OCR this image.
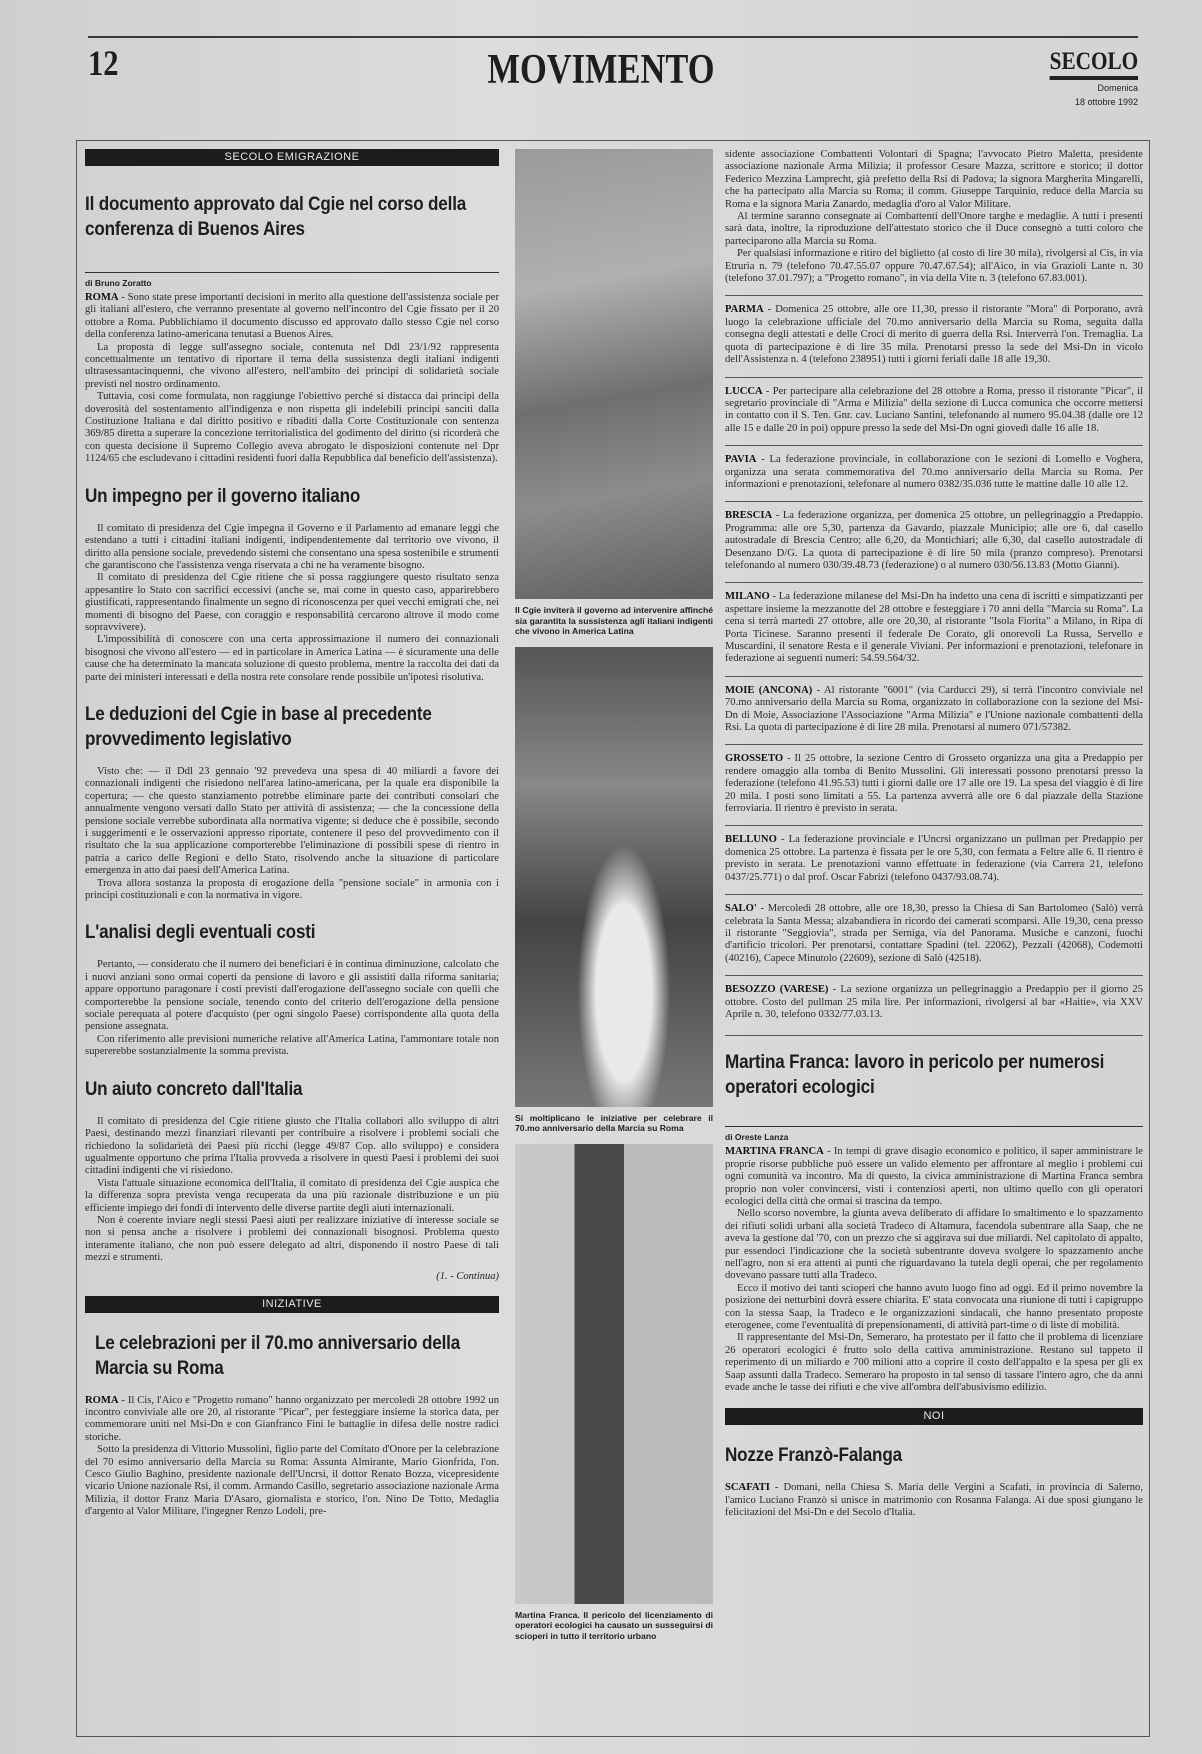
12	MOVIMENTO	SECOLO
Domenica
18 ottobre 1992
SECOLO EMIGRAZIONE
Il documento approvato dal Cgie nel corso della conferenza di Buenos Aires
di Bruno Zoratto

ROMA - Sono state prese importanti decisioni in merito alla questione dell'assistenza sociale per gli italiani all'estero, che verranno presentate al governo nell'incontro del Cgie fissato per il 20 ottobre a Roma. Pubblichiamo il documento discusso ed approvato dallo stesso Cgie nel corso della conferenza latino-americana tenutasi a Buenos Aires.

La proposta di legge sull'assegno sociale, contenuta nel Ddl 23/1/92 rappresenta concettualmente un tentativo di riportare il tema della sussistenza degli italiani indigenti ultrasessantacinquenni, che vivono all'estero, nell'ambito dei principi di solidarietà sociale previsti nel nostro ordinamento.

Tuttavia, così come formulata, non raggiunge l'obiettivo perché si distacca dai principi della doverosità del sostentamento all'indigenza e non rispetta gli indelebili principi sanciti dalla Costituzione Italiana e dal diritto positivo e ribaditi dalla Corte Costituzionale con sentenza 369/85 diretta a superare la concezione territorialistica del godimento del diritto (si ricorderà che con questa decisione il Supremo Collegio aveva abrogato le disposizioni contenute nel Dpr 1124/65 che escludevano i cittadini residenti fuori dalla Repubblica dal beneficio dell'assistenza).

Un impegno per il governo italiano

Il comitato di presidenza del Cgie impegna il Governo e il Parlamento ad emanare leggi che estendano a tutti i cittadini italiani indigenti, indipendentemente dal territorio ove vivono, il diritto alla pensione sociale, prevedendo sistemi che consentano una spesa sostenibile e strumenti che garantiscono che l'assistenza venga riservata a chi ne ha veramente bisogno.

Il comitato di presidenza del Cgie ritiene che si possa raggiungere questo risultato senza appesantire lo Stato con sacrifici eccessivi (anche se, mai come in questo caso, apparirebbero giustificati, rappresentando finalmente un segno di riconoscenza per quei vecchi emigrati che, nei momenti di bisogno del Paese, con coraggio e responsabilità cercarono altrove il modo come sopravvivere).

L'impossibilità di conoscere con una certa approssimazione il numero dei connazionali bisognosi che vivono all'estero — ed in particolare in America Latina — è sicuramente una delle cause che ha determinato la mancata soluzione di questo problema, mentre la raccolta dei dati da parte dei ministeri interessati e della nostra rete consolare rende possibile un'ipotesi risolutiva.

Le deduzioni del Cgie in base al precedente provvedimento legislativo

Visto che: — il Ddl 23 gennaio '92 prevedeva una spesa di 40 miliardi a favore dei connazionali indigenti che risiedono nell'area latino-americana, per la quale era disponibile la copertura; — che questo stanziamento potrebbe eliminare parte dei contributi consolari che annualmente vengono versati dallo Stato per attività di assistenza; — che la concessione della pensione sociale verrebbe subordinata alla normativa vigente; si deduce che è possibile, secondo i suggerimenti e le osservazioni appresso riportate, contenere il peso del provvedimento con il risultato che la sua applicazione comporterebbe l'eliminazione di possibili spese di rientro in patria a carico delle Regioni e dello Stato, risolvendo anche la situazione di particolare emergenza in atto dai paesi dell'America Latina.

Trova allora sostanza la proposta di erogazione della "pensione sociale" in armonia con i principi costituzionali e con la normativa in vigore.

L'analisi degli eventuali costi

Pertanto, — considerato che il numero dei beneficiari è in continua diminuzione, calcolato che i nuovi anziani sono ormai coperti da pensione di lavoro e gli assistiti dalla riforma sanitaria; appare opportuno paragonare i costi previsti dall'erogazione dell'assegno sociale con quelli che comporterebbe la pensione sociale, tenendo conto del criterio dell'erogazione della pensione sociale perequata al potere d'acquisto (per ogni singolo Paese) corrispondente alla quota della pensione assegnata.

Con riferimento alle previsioni numeriche relative all'America Latina, l'ammontare totale non supererebbe sostanzialmente la somma prevista.

Un aiuto concreto dall'Italia

Il comitato di presidenza del Cgie ritiene giusto che l'Italia collabori allo sviluppo di altri Paesi, destinando mezzi finanziari rilevanti per contribuire a risolvere i problemi sociali che richiedono la solidarietà dei Paesi più ricchi (legge 49/87 Cop. allo sviluppo) e considera ugualmente opportuno che prima l'Italia provveda a risolvere in questi Paesi i problemi dei suoi cittadini indigenti che vi risiedono.

Vista l'attuale situazione economica dell'Italia, il comitato di presidenza del Cgie auspica che la differenza sopra prevista venga recuperata da una più razionale distribuzione e un più efficiente impiego dei fondi di intervento delle diverse partite degli aiuti internazionali.

Non è coerente inviare negli stessi Paesi aiuti per realizzare iniziative di interesse sociale se non si pensa anche a risolvere i problemi dei connazionali bisognosi. Problema questo interamente italiano, che non può essere delegato ad altri, disponendo il nostro Paese di tali mezzi e strumenti.

(1. - Continua)
INIZIATIVE
Le celebrazioni per il 70.mo anniversario della Marcia su Roma

ROMA - Il Cis, l'Aico e "Progetto romano" hanno organizzato per mercoledì 28 ottobre 1992 un incontro conviviale alle ore 20, al ristorante "Picar", per festeggiare insieme la storica data, per commemorare uniti nel Msi-Dn e con Gianfranco Fini le battaglie in difesa delle nostre radici storiche.

Sotto la presidenza di Vittorio Mussolini, figlio parte del Comitato d'Onore per la celebrazione del 70 esimo anniversario della Marcia su Roma: Assunta Almirante, Mario Gionfrida, l'on. Cesco Giulio Baghino, presidente nazionale dell'Uncrsi, il dottor Renato Bozza, vicepresidente vicario Unione nazionale Rsi, il comm. Armando Casillo, segretario associazione nazionale Arma Milizia, il dottor Franz Maria D'Asaro, giornalista e storico, l'on. Nino De Totto, Medaglia d'argento al Valor Militare, l'ingegner Renzo Lodoli, pre-

Il Cgie inviterà il governo ad intervenire affinché sia garantita la sussistenza agli italiani indigenti che vivono in America Latina
Si moltiplicano le iniziative per celebrare il 70.mo anniversario della Marcia su Roma
Martina Franca. Il pericolo del licenziamento di operatori ecologici ha causato un susseguirsi di scioperi in tutto il territorio urbano

sidente associazione Combattenti Volontari di Spagna; l'avvocato Pietro Maletta, presidente associazione nazionale Arma Milizia; il professor Cesare Mazza, scrittore e storico; il dottor Federico Mezzina Lamprecht, già prefetto della Rsi di Padova; la signora Margherita Mingarelli, che ha partecipato alla Marcia su Roma; il comm. Giuseppe Tarquinio, reduce della Marcia su Roma e la signora Maria Zanardo, medaglia d'oro al Valor Militare.

Al termine saranno consegnate ai Combattenti dell'Onore targhe e medaglie. A tutti i presenti sarà data, inoltre, la riproduzione dell'attestato storico che il Duce consegnò a tutti coloro che parteciparono alla Marcia su Roma.

Per qualsiasi informazione e ritiro del biglietto (al costo di lire 30 mila), rivolgersi al Cis, in via Etruria n. 79 (telefono 70.47.55.07 oppure 70.47.67.54); all'Aico, in via Grazioli Lante n. 30 (telefono 37.01.797); a "Progetto romano", in via della Vite n. 3 (telefono 67.83.001).

PARMA - Domenica 25 ottobre, alle ore 11,30, presso il ristorante "Mora" di Porporano, avrà luogo la celebrazione ufficiale del 70.mo anniversario della Marcia su Roma, seguita dalla consegna degli attestati e delle Croci di merito di guerra della Rsi. Interverrà l'on. Tremaglia. La quota di partecipazione è di lire 35 mila. Prenotarsi presso la sede del Msi-Dn in vicolo dell'Assistenza n. 4 (telefono 238951) tutti i giorni feriali dalle 18 alle 19,30.

LUCCA - Per partecipare alla celebrazione del 28 ottobre a Roma, presso il ristorante "Picar", il segretario provinciale di "Arma e Milizia" della sezione di Lucca comunica che occorre mettersi in contatto con il S. Ten. Gnr. cav. Luciano Santini, telefonando al numero 95.04.38 (dalle ore 12 alle 15 e dalle 20 in poi) oppure presso la sede del Msi-Dn ogni giovedì dalle 16 alle 18.

PAVIA - La federazione provinciale, in collaborazione con le sezioni di Lomello e Voghera, organizza una serata commemorativa del 70.mo anniversario della Marcia su Roma. Per informazioni e prenotazioni, telefonare al numero 0382/35.036 tutte le mattine dalle 10 alle 12.

BRESCIA - La federazione organizza, per domenica 25 ottobre, un pellegrinaggio a Predappio. Programma: alle ore 5,30, partenza da Gavardo, piazzale Municipio; alle ore 6, dal casello autostradale di Brescia Centro; alle 6,20, da Montichiari; alle 6,30, dal casello autostradale di Desenzano D/G. La quota di partecipazione è di lire 50 mila (pranzo compreso). Prenotarsi telefonando al numero 030/39.48.73 (federazione) o al numero 030/56.13.83 (Motto Gianni).

MILANO - La federazione milanese del Msi-Dn ha indetto una cena di iscritti e simpatizzanti per aspettare insieme la mezzanotte del 28 ottobre e festeggiare i 70 anni della "Marcia su Roma". La cena si terrà martedì 27 ottobre, alle ore 20,30, al ristorante "Isola Fiorita" a Milano, in Ripa di Porta Ticinese. Saranno presenti il federale De Corato, gli onorevoli La Russa, Servello e Muscardini, il senatore Resta e il generale Viviani. Per informazioni e prenotazioni, telefonare in federazione ai seguenti numeri: 54.59.564/32.

MOIE (ANCONA) - Al ristorante "6001" (via Carducci 29), si terrà l'incontro conviviale nel 70.mo anniversario della Marcia su Roma, organizzato in collaborazione con la sezione del Msi-Dn di Moie, Associazione l'Associazione "Arma Milizia" e l'Unione nazionale combattenti della Rsi. La quota di partecipazione è di lire 28 mila. Prenotarsi al numero 071/57382.

GROSSETO - Il 25 ottobre, la sezione Centro di Grosseto organizza una gita a Predappio per rendere omaggio alla tomba di Benito Mussolini. Gli interessati possono prenotarsi presso la federazione (telefono 41.95.53) tutti i giorni dalle ore 17 alle ore 19. La spesa del viaggio è di lire 20 mila. I posti sono limitati a 55. La partenza avverrà alle ore 6 dal piazzale della Stazione ferroviaria. Il rientro è previsto in serata.

BELLUNO - La federazione provinciale e l'Uncrsi organizzano un pullman per Predappio per domenica 25 ottobre. La partenza è fissata per le ore 5,30, con fermata a Feltre alle 6. Il rientro è previsto in serata. Le prenotazioni vanno effettuate in federazione (via Carrera 21, telefono 0437/25.771) o dal prof. Oscar Fabrizi (telefono 0437/93.08.74).

SALO' - Mercoledì 28 ottobre, alle ore 18,30, presso la Chiesa di San Bartolomeo (Salò) verrà celebrata la Santa Messa; alzabandiera in ricordo dei camerati scomparsi. Alle 19,30, cena presso il ristorante "Seggiovia", strada per Serniga, via del Panorama. Musiche e canzoni, fuochi d'artificio tricolori. Per prenotarsi, contattare Spadini (tel. 22062), Pezzali (42068), Codemotti (40216), Capece Minutolo (22609), sezione di Salò (42518).

BESOZZO (VARESE) - La sezione organizza un pellegrinaggio a Predappio per il giorno 25 ottobre. Costo del pullman 25 mila lire. Per informazioni, rivolgersi al bar «Haitie», via XXV Aprile n. 30, telefono 0332/77.03.13.

Martina Franca: lavoro in pericolo per numerosi operatori ecologici
di Oreste Lanza

MARTINA FRANCA - In tempi di grave disagio economico e politico, il saper amministrare le proprie risorse pubbliche può essere un valido elemento per affrontare al meglio i problemi cui ogni comunità va incontro. Ma di questo, la civica amministrazione di Martina Franca sembra proprio non voler convincersi, visti i contenziosi aperti, non ultimo quello con gli operatori ecologici della città che ormai si trascina da tempo.

Nello scorso novembre, la giunta aveva deliberato di affidare lo smaltimento e lo spazzamento dei rifiuti solidi urbani alla società Tradeco di Altamura, facendola subentrare alla Saap, che ne aveva la gestione dal '70, con un prezzo che si aggirava sui due miliardi. Nel capitolato di appalto, pur essendoci l'indicazione che la società subentrante doveva svolgere lo spazzamento anche nell'agro, non si era attenti ai punti che riguardavano la tutela degli operai, che per regolamento dovevano passare tutti alla Tradeco.

Ecco il motivo dei tanti scioperi che hanno avuto luogo fino ad oggi. Ed il primo novembre la posizione dei netturbini dovrà essere chiarita. E' stata convocata una riunione di tutti i capigruppo con la stessa Saap, la Tradeco e le organizzazioni sindacali, che hanno presentato proposte eterogenee, come l'eventualità di prepensionamenti, di attività part-time o di liste di mobilità.

Il rappresentante del Msi-Dn, Semeraro, ha protestato per il fatto che il problema di licenziare 26 operatori ecologici è frutto solo della cattiva amministrazione. Restano sul tappeto il reperimento di un miliardo e 700 milioni atto a coprire il costo dell'appalto e la spesa per gli ex Saap assunti dalla Tradeco. Semeraro ha proposto in tal senso di tassare l'intero agro, che da anni evade anche le tasse dei rifiuti e che vive all'ombra dell'abusivismo edilizio.

NOI
Nozze Franzò-Falanga

SCAFATI - Domani, nella Chiesa S. Maria delle Vergini a Scafati, in provincia di Salerno, l'amico Luciano Franzò si unisce in matrimonio con Rosanna Falanga. Ai due sposi giungano le felicitazioni del Msi-Dn e del Secolo d'Italia.
